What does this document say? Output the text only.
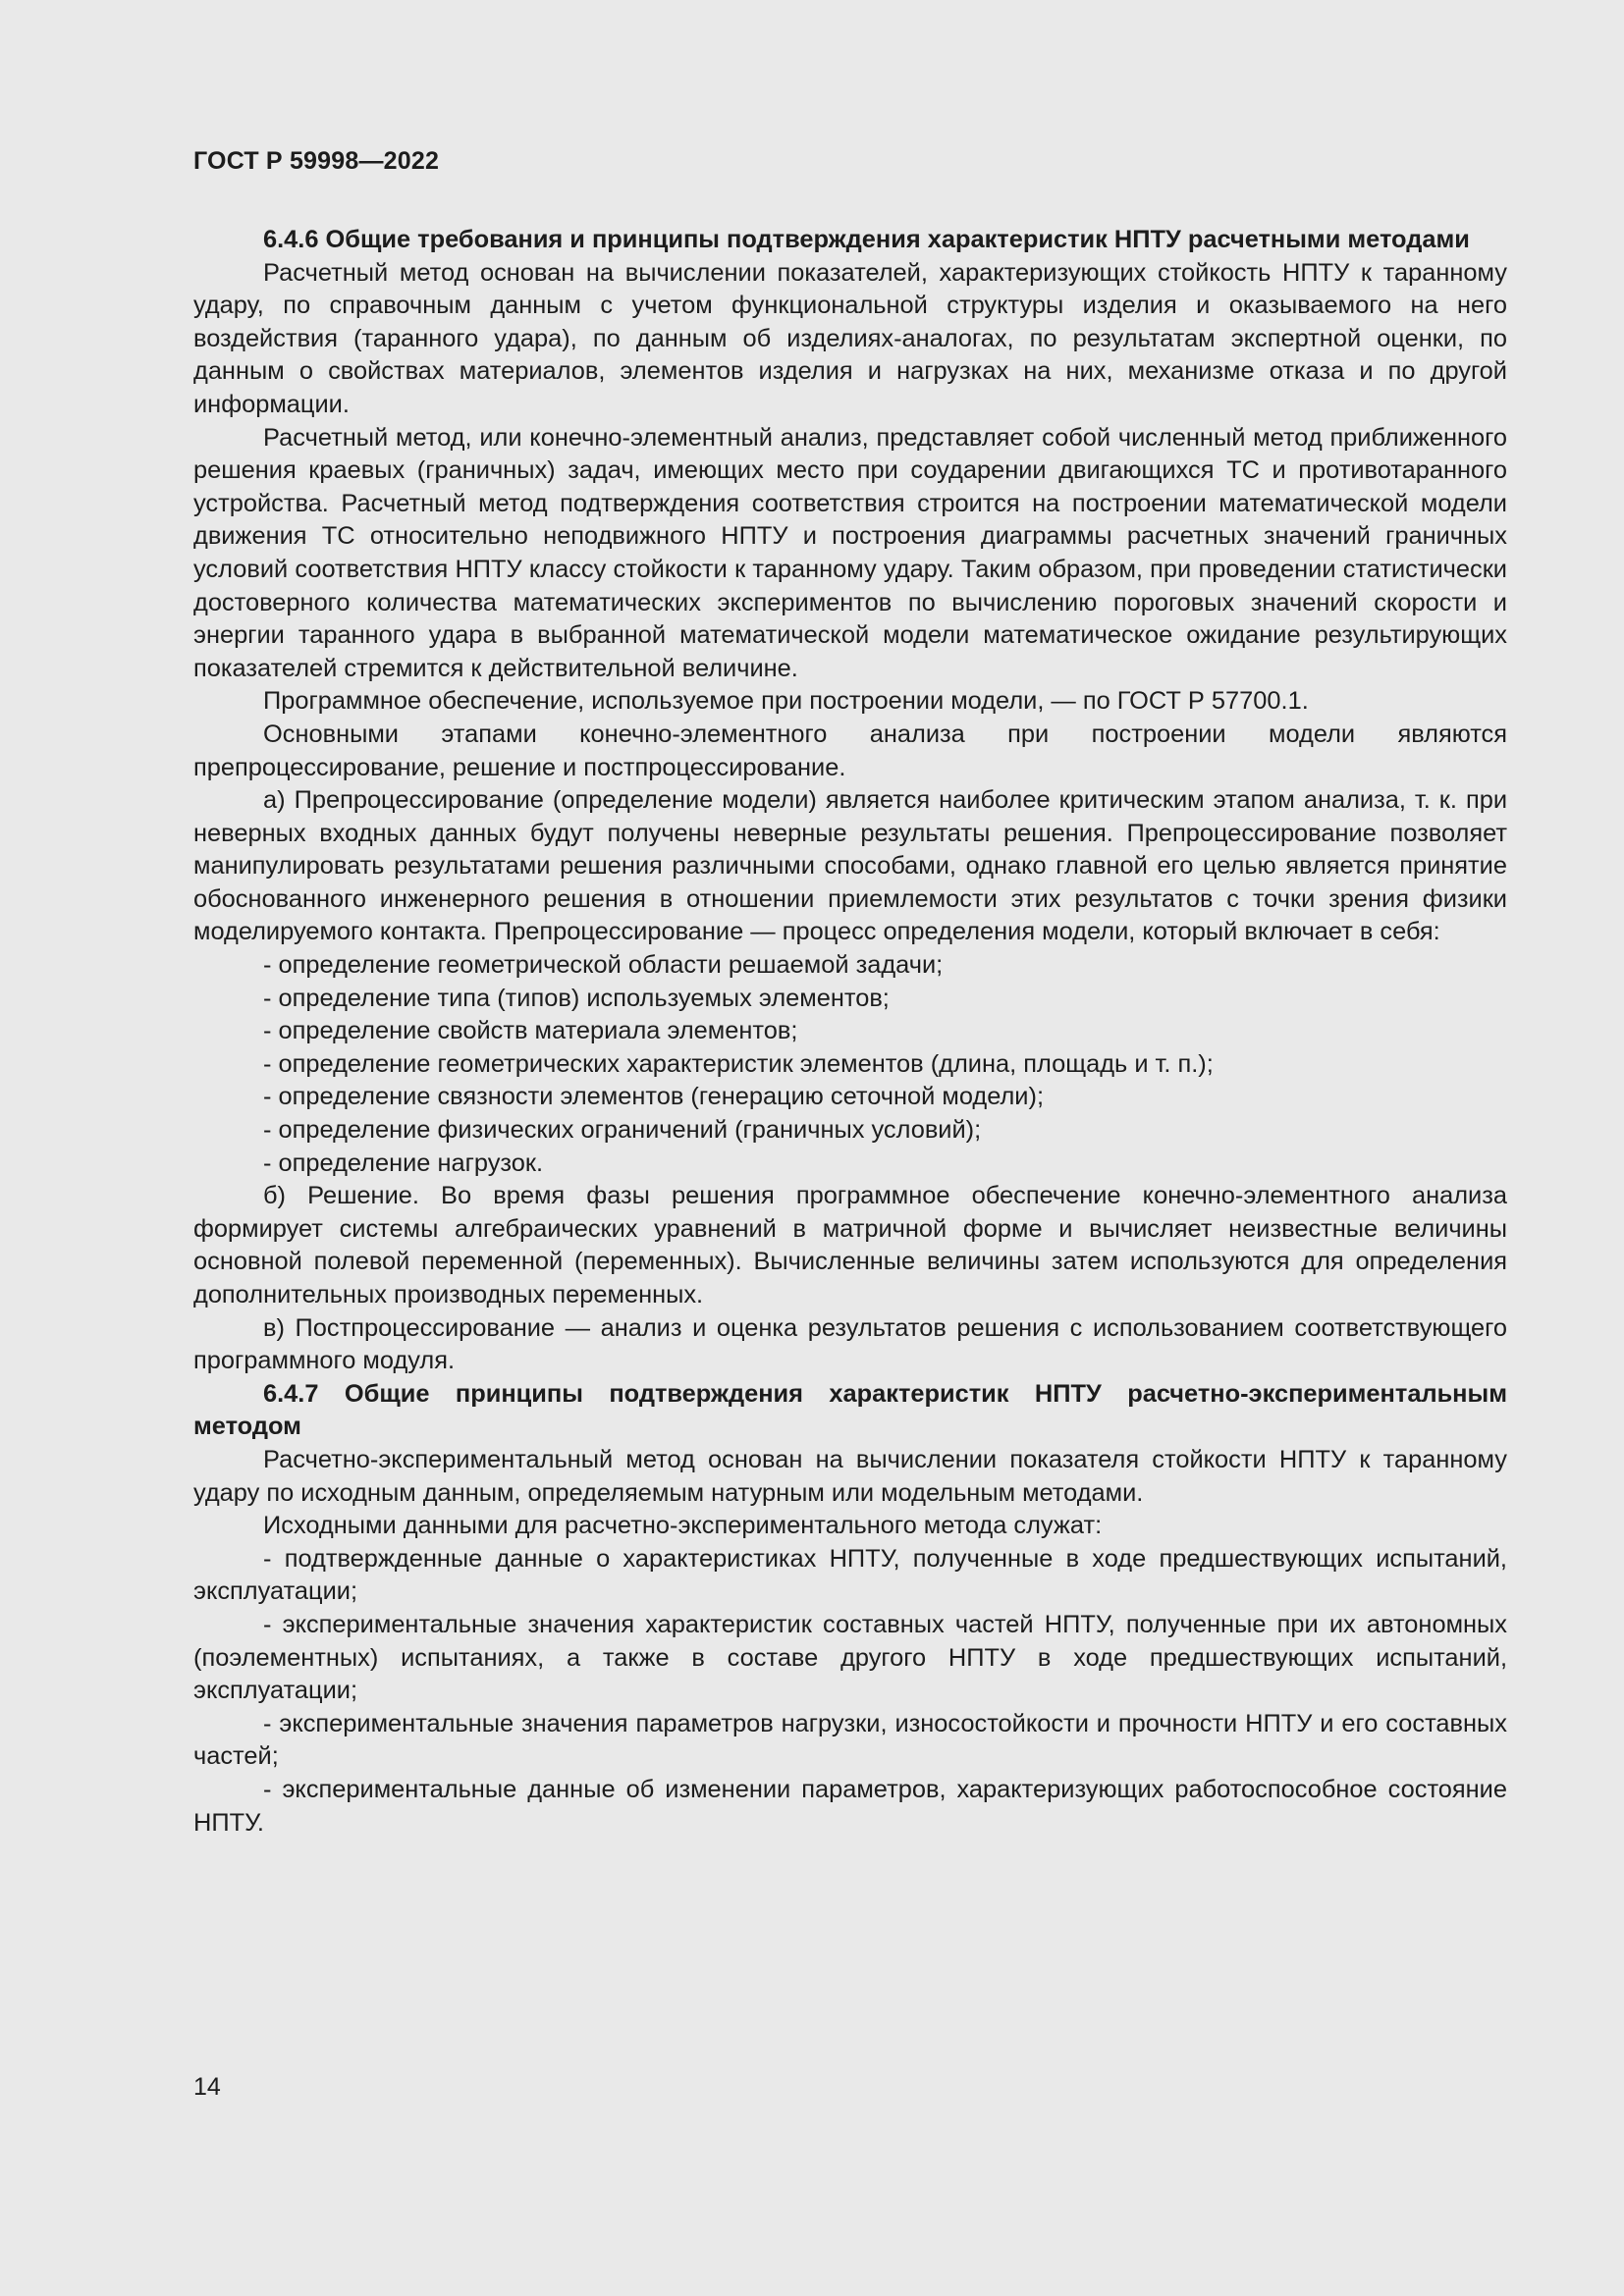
ГОСТ Р 59998—2022

6.4.6 Общие требования и принципы подтверждения характеристик НПТУ расчетными методами

Расчетный метод основан на вычислении показателей, характеризующих стойкость НПТУ к таранному удару, по справочным данным с учетом функциональной структуры изделия и оказываемого на него воздействия (таранного удара), по данным об изделиях-аналогах, по результатам экспертной оценки, по данным о свойствах материалов, элементов изделия и нагрузках на них, механизме отказа и по другой информации.

Расчетный метод, или конечно-элементный анализ, представляет собой численный метод приближенного решения краевых (граничных) задач, имеющих место при соударении двигающихся ТС и противотаранного устройства. Расчетный метод подтверждения соответствия строится на построении математической модели движения ТС относительно неподвижного НПТУ и построения диаграммы расчетных значений граничных условий соответствия НПТУ классу стойкости к таранному удару. Таким образом, при проведении статистически достоверного количества математических экспериментов по вычислению пороговых значений скорости и энергии таранного удара в выбранной математической модели математическое ожидание результирующих показателей стремится к действительной величине.

Программное обеспечение, используемое при построении модели, — по ГОСТ Р 57700.1.

Основными этапами конечно-элементного анализа при построении модели являются препроцессирование, решение и постпроцессирование.

а) Препроцессирование (определение модели) является наиболее критическим этапом анализа, т. к. при неверных входных данных будут получены неверные результаты решения. Препроцессирование позволяет манипулировать результатами решения различными способами, однако главной его целью является принятие обоснованного инженерного решения в отношении приемлемости этих результатов с точки зрения физики моделируемого контакта. Препроцессирование — процесс определения модели, который включает в себя:

- определение геометрической области решаемой задачи;

- определение типа (типов) используемых элементов;

- определение свойств материала элементов;

- определение геометрических характеристик элементов (длина, площадь и т. п.);

- определение связности элементов (генерацию сеточной модели);

- определение физических ограничений (граничных условий);

- определение нагрузок.

б) Решение. Во время фазы решения программное обеспечение конечно-элементного анализа формирует системы алгебраических уравнений в матричной форме и вычисляет неизвестные величины основной полевой переменной (переменных). Вычисленные величины затем используются для определения дополнительных производных переменных.

в) Постпроцессирование — анализ и оценка результатов решения с использованием соответствующего программного модуля.

6.4.7 Общие принципы подтверждения характеристик НПТУ расчетно-экспериментальным методом

Расчетно-экспериментальный метод основан на вычислении показателя стойкости НПТУ к таранному удару по исходным данным, определяемым натурным или модельным методами.

Исходными данными для расчетно-экспериментального метода служат:

- подтвержденные данные о характеристиках НПТУ, полученные в ходе предшествующих испытаний, эксплуатации;

- экспериментальные значения характеристик составных частей НПТУ, полученные при их автономных (поэлементных) испытаниях, а также в составе другого НПТУ в ходе предшествующих испытаний, эксплуатации;

- экспериментальные значения параметров нагрузки, износостойкости и прочности НПТУ и его составных частей;

- экспериментальные данные об изменении параметров, характеризующих работоспособное состояние НПТУ.

14
